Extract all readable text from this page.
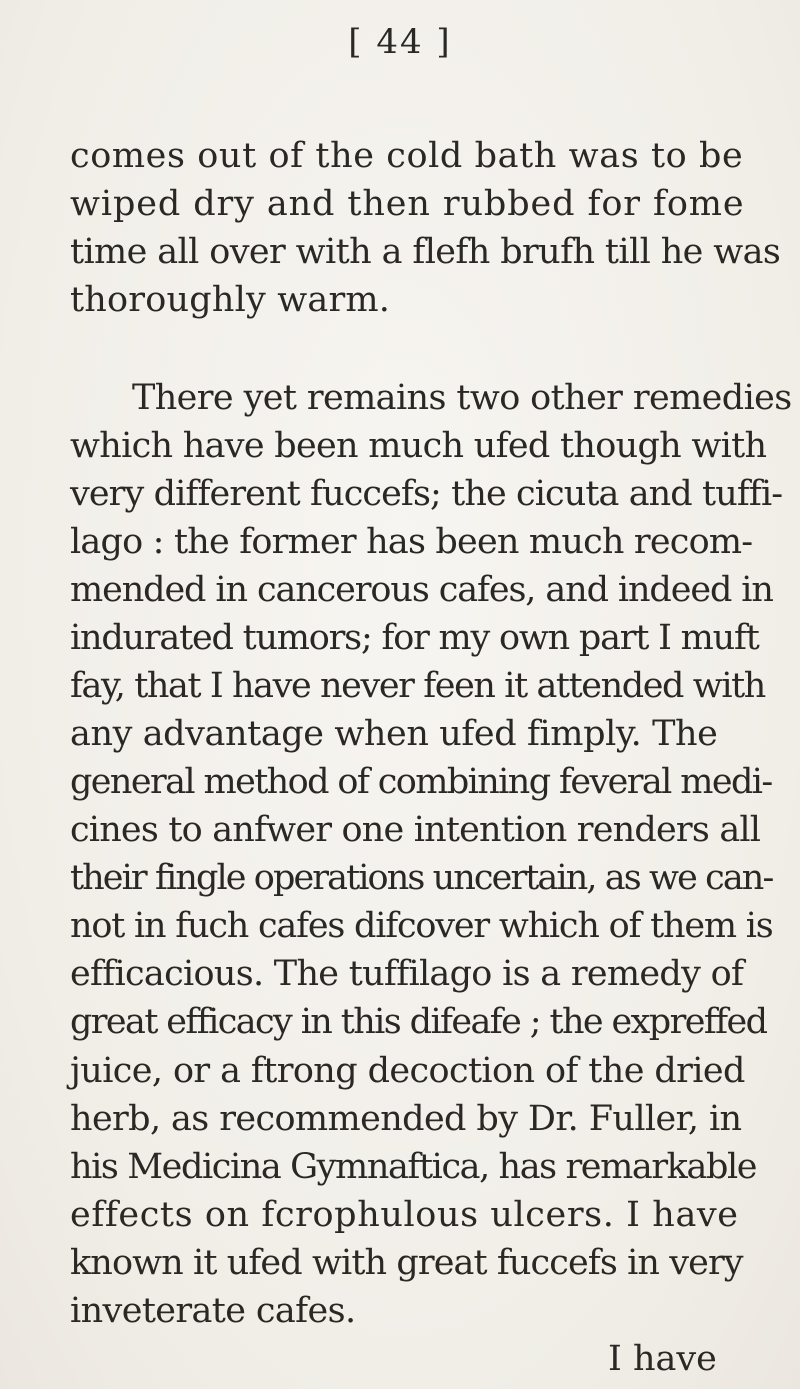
[ 44 ]
comes out of the cold bath was to be
wiped dry and then rubbed for fome
time all over with a flefh brufh till he was
thoroughly warm.
There yet remains two other remedies
which have been much ufed though with
very different fuccefs; the cicuta and tuffi-
lago : the former has been much recom-
mended in cancerous cafes, and indeed in
indurated tumors; for my own part I muft
fay, that I have never feen it attended with
any advantage when ufed fimply. The
general method of combining feveral medi-
cines to anfwer one intention renders all
their fingle operations uncertain, as we can-
not in fuch cafes difcover which of them is
efficacious. The tuffilago is a remedy of
great efficacy in this difeafe ; the expreffed
juice, or a ftrong decoction of the dried
herb, as recommended by Dr. Fuller, in
his Medicina Gymnaftica, has remarkable
effects on fcrophulous ulcers. I have
known it ufed with great fuccefs in very
inveterate cafes.
I have
